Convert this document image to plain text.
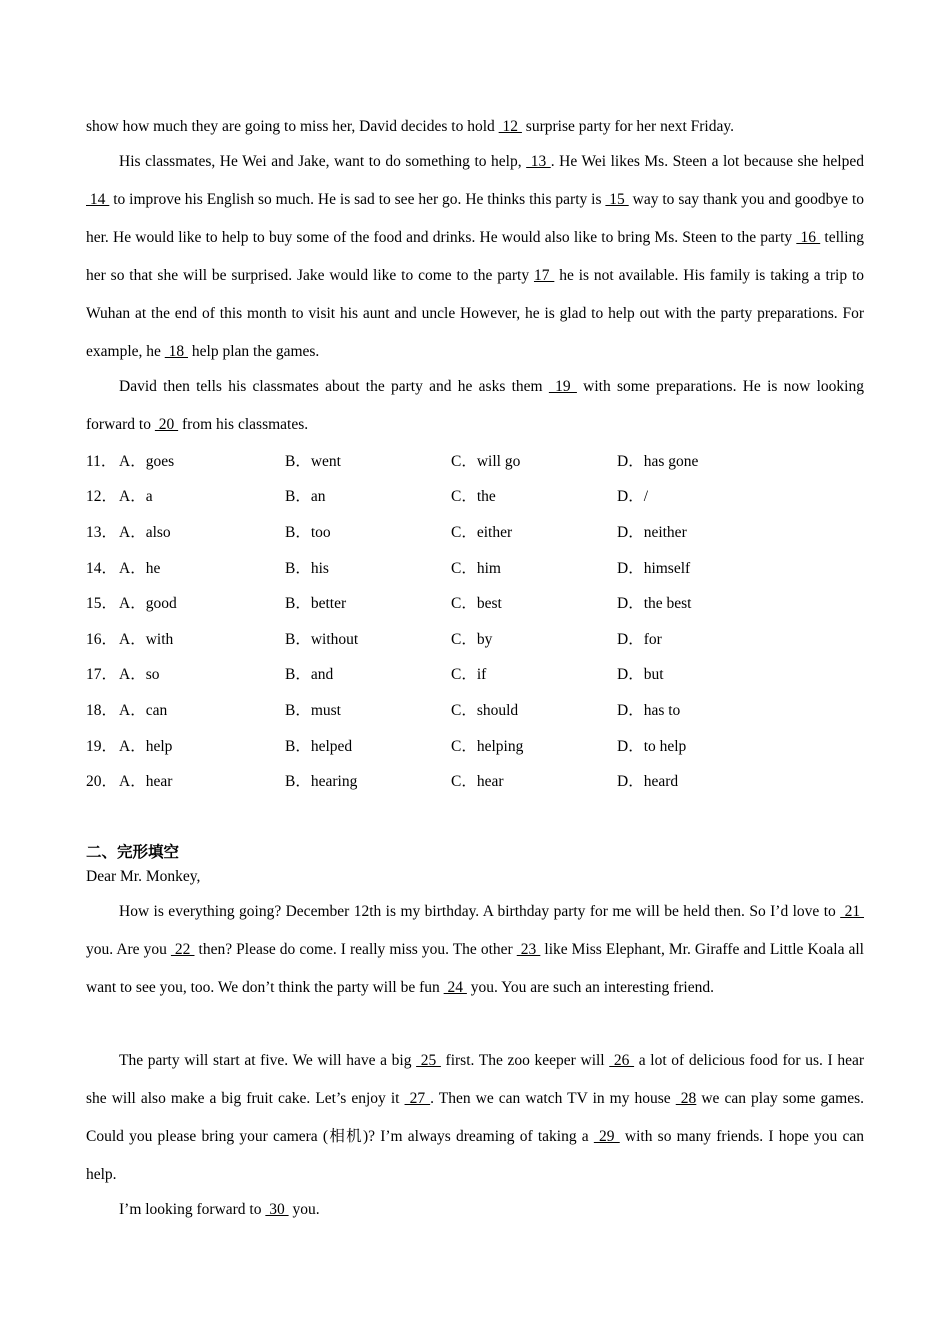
show how much they are going to miss her, David decides to hold  12  surprise party for her next Friday.

His classmates, He Wei and Jake, want to do something to help,  13 . He Wei likes Ms. Steen a lot because she helped  14  to improve his English so much. He is sad to see her go. He thinks this party is  15  way to say thank you and goodbye to her. He would like to help to buy some of the food and drinks. He would also like to bring Ms. Steen to the party  16  telling her so that she will be surprised. Jake would like to come to the party 17  he is not available. His family is taking a trip to Wuhan at the end of this month to visit his aunt and uncle However, he is glad to help out with the party preparations. For example, he  18  help plan the games.

David then tells his classmates about the party and he asks them  19  with some preparations. He is now looking forward to  20  from his classmates.

11． A．goes	B．went	C．will go	D．has gone
12． A．a	B．an	C．the	D．/
13． A．also	B．too	C．either	D．neither
14． A．he	B．his	C．him	D．himself
15． A．good	B．better	C．best	D．the best
16． A．with	B．without	C．by	D．for
17． A．so	B．and	C．if	D．but
18． A．can	B．must	C．should	D．has to
19． A．help	B．helped	C．helping	D．to help
20． A．hear	B．hearing	C．hear	D．heard
二、完形填空

Dear Mr. Monkey,

How is everything going? December 12th is my birthday. A birthday party for me will be held then. So I’d love to  21  you. Are you  22  then? Please do come. I really miss you. The other  23  like Miss Elephant, Mr. Giraffe and Little Koala all want to see you, too. We don’t think the party will be fun  24  you. You are such an interesting friend.

The party will start at five. We will have a big  25  first. The zoo keeper will  26  a lot of delicious food for us. I hear she will also make a big fruit cake. Let’s enjoy it  27 . Then we can watch TV in my house  28 we can play some games. Could you please bring your camera (相机)? I’m always dreaming of taking a  29  with so many friends. I hope you can help.

I’m looking forward to  30  you.
